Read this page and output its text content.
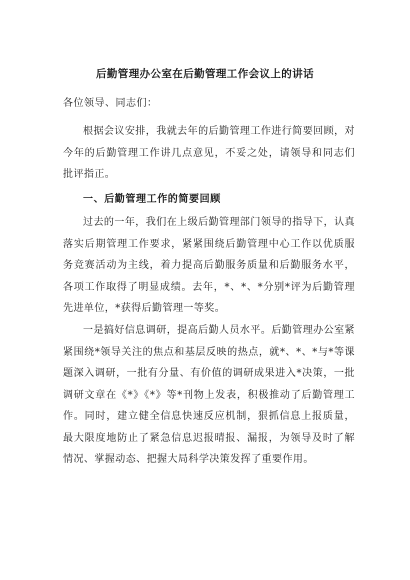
后勤管理办公室在后勤管理工作会议上的讲话
各位领导、同志们：

根据会议安排，我就去年的后勤管理工作进行简要回顾，对今年的后勤管理工作讲几点意见，不妥之处，请领导和同志们批评指正。

一、后勤管理工作的简要回顾

过去的一年，我们在上级后勤管理部门领导的指导下，认真落实后期管理工作要求，紧紧围绕后勤管理中心工作以优质服务竞赛活动为主线，着力提高后勤服务质量和后勤服务水平，各项工作取得了明显成绩。去年，*、*、*分别*评为后勤管理先进单位，*获得后勤管理一等奖。

一是搞好信息调研，提高后勤人员水平。后勤管理办公室紧紧围绕*领导关注的焦点和基层反映的热点，就*、*、*与*等课题深入调研，一批有分量、有价值的调研成果进入*决策，一批调研文章在《*》《*》等*刊物上发表，积极推动了后勤管理工作。同时，建立健全信息快速反应机制，狠抓信息上报质量，最大限度地防止了紧急信息迟报晴报、漏报，为领导及时了解情况、掌握动态、把握大局科学决策发挥了重要作用。
